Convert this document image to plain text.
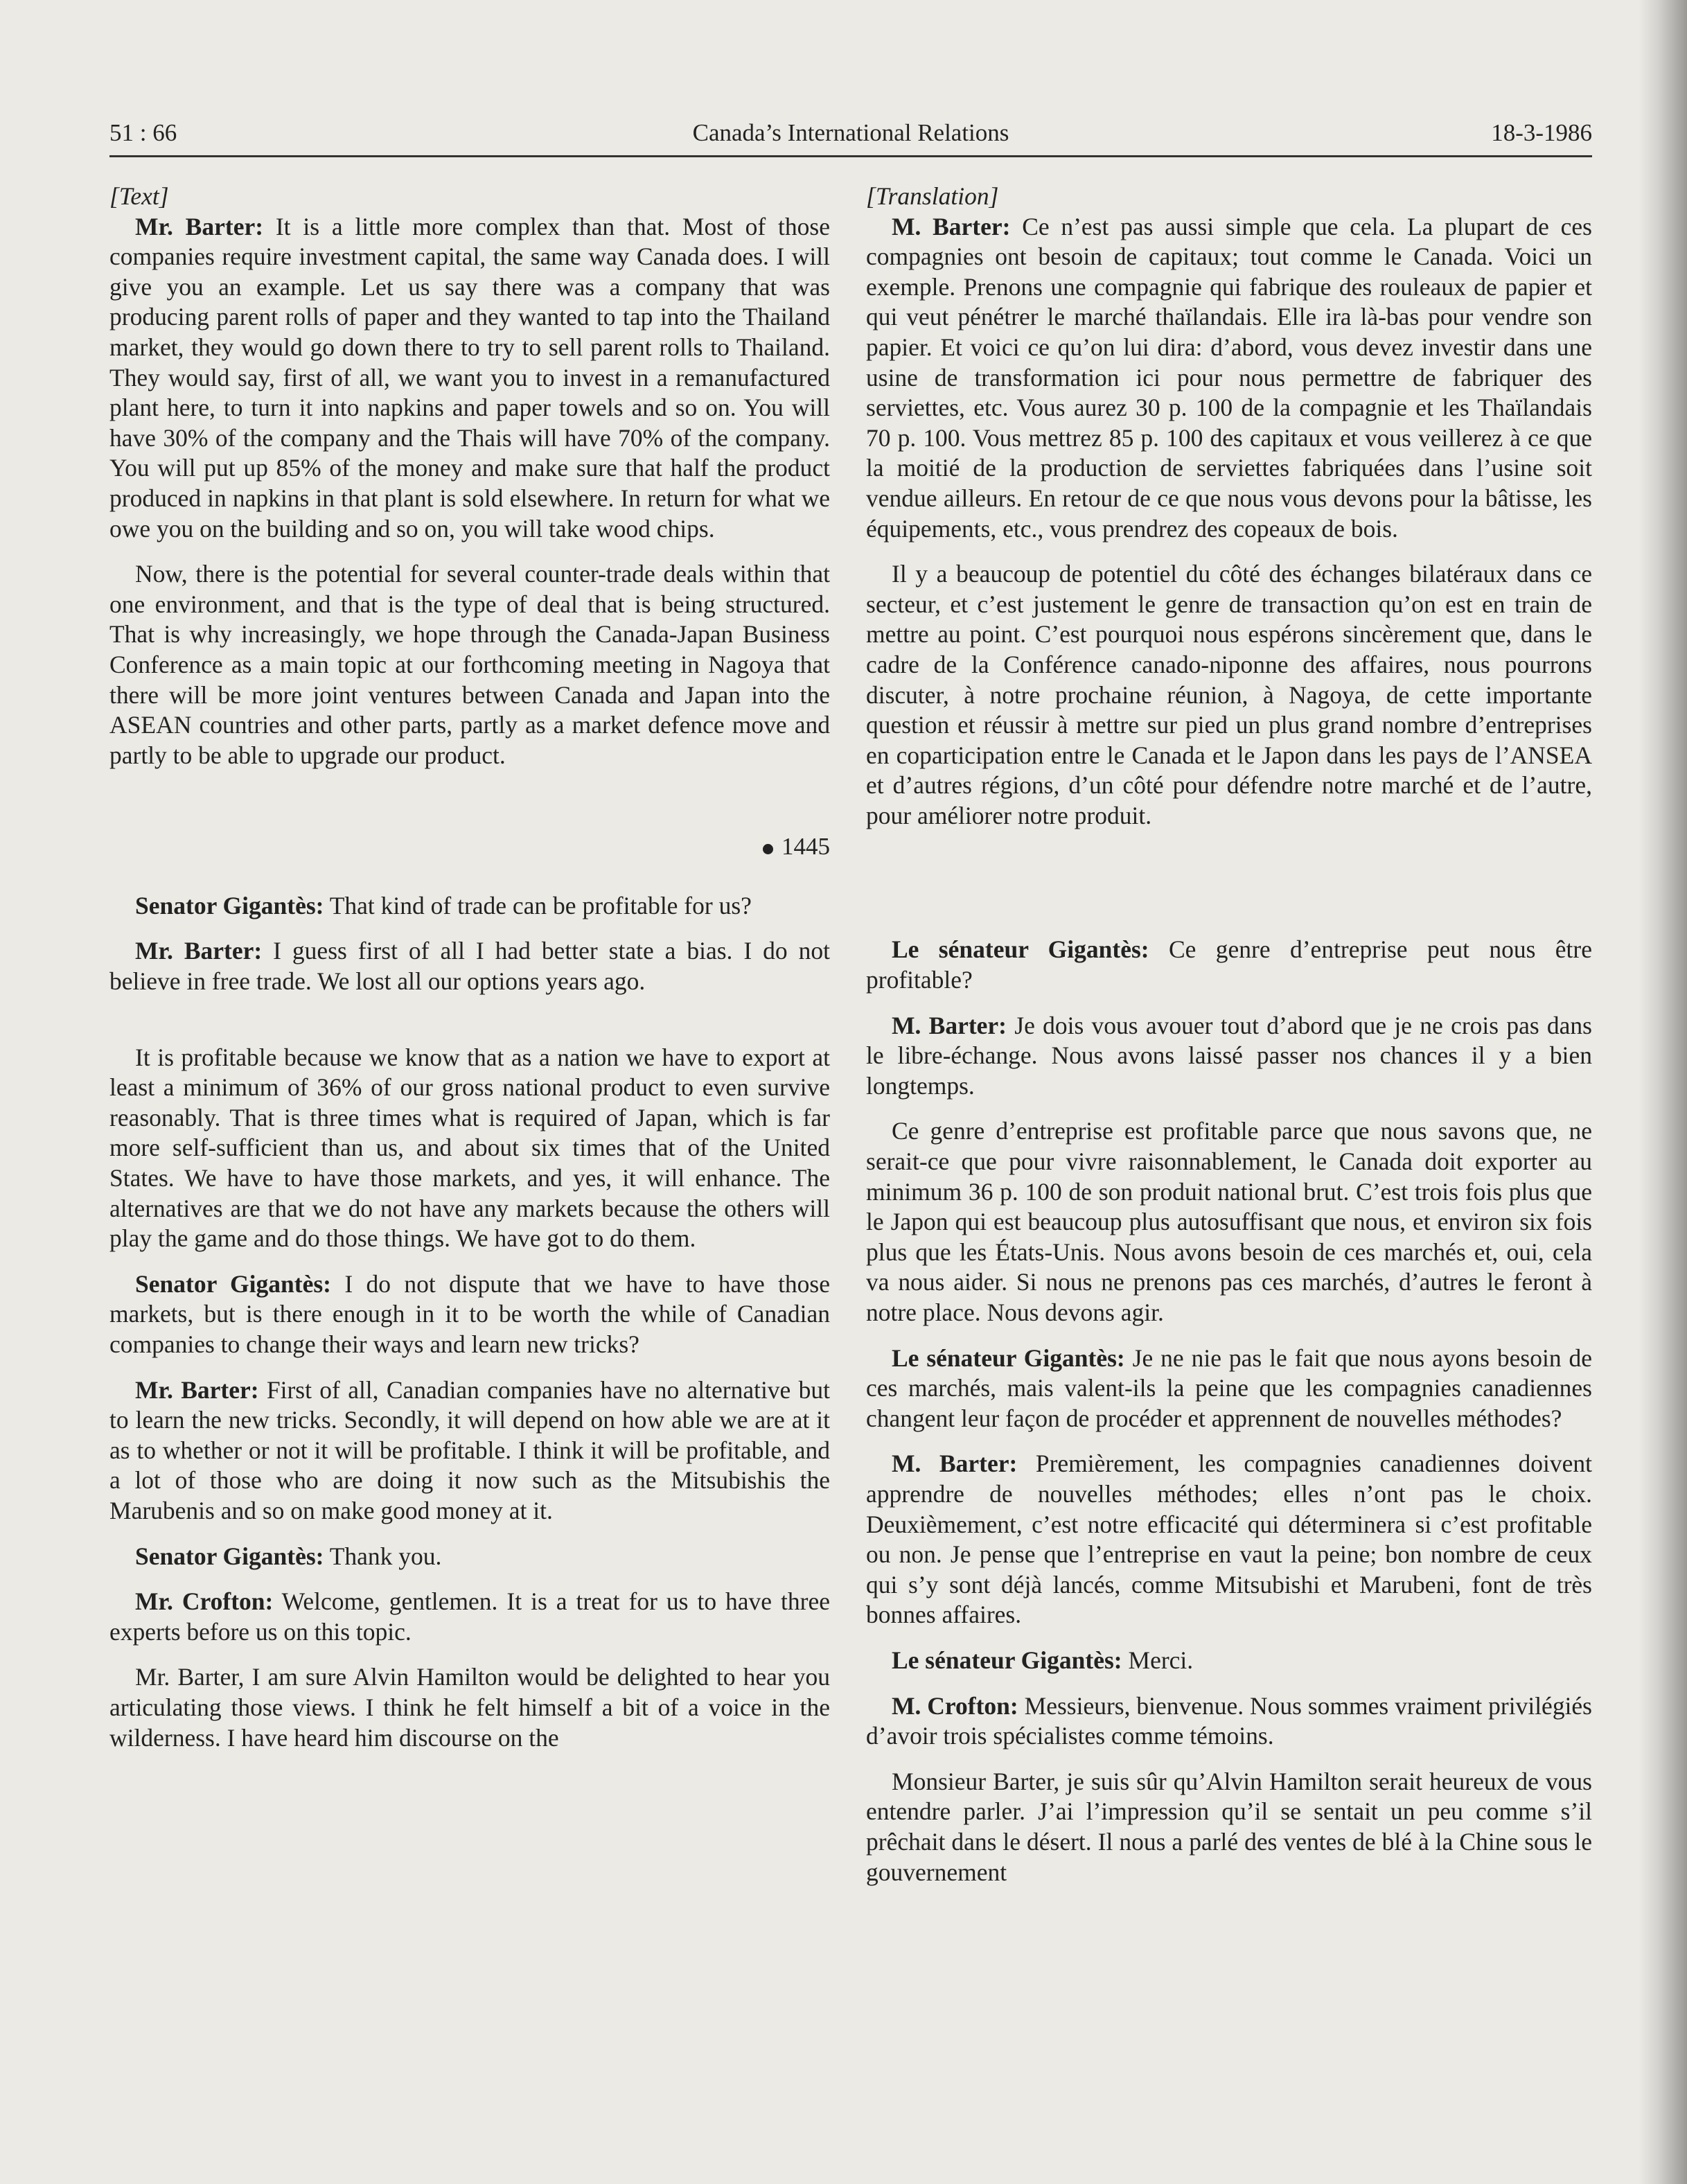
Canada’s International Relations
51 : 66	18-3-1986

[Text]

Mr. Barter: It is a little more complex than that. Most of those companies require investment capital, the same way Canada does. I will give you an example. Let us say there was a company that was producing parent rolls of paper and they wanted to tap into the Thailand market, they would go down there to try to sell parent rolls to Thailand. They would say, first of all, we want you to invest in a remanufactured plant here, to turn it into napkins and paper towels and so on. You will have 30% of the company and the Thais will have 70% of the company. You will put up 85% of the money and make sure that half the product produced in napkins in that plant is sold elsewhere. In return for what we owe you on the building and so on, you will take wood chips.

Now, there is the potential for several counter-trade deals within that one environment, and that is the type of deal that is being structured. That is why increasingly, we hope through the Canada-Japan Business Conference as a main topic at our forthcoming meeting in Nagoya that there will be more joint ventures between Canada and Japan into the ASEAN countries and other parts, partly as a market defence move and partly to be able to upgrade our product.

1445

Senator Gigantès: That kind of trade can be profitable for us?

Mr. Barter: I guess first of all I had better state a bias. I do not believe in free trade. We lost all our options years ago.

It is profitable because we know that as a nation we have to export at least a minimum of 36% of our gross national product to even survive reasonably. That is three times what is required of Japan, which is far more self-sufficient than us, and about six times that of the United States. We have to have those markets, and yes, it will enhance. The alternatives are that we do not have any markets because the others will play the game and do those things. We have got to do them.

Senator Gigantès: I do not dispute that we have to have those markets, but is there enough in it to be worth the while of Canadian companies to change their ways and learn new tricks?

Mr. Barter: First of all, Canadian companies have no alternative but to learn the new tricks. Secondly, it will depend on how able we are at it as to whether or not it will be profitable. I think it will be profitable, and a lot of those who are doing it now such as the Mitsubishis the Marubenis and so on make good money at it.

Senator Gigantès: Thank you.

Mr. Crofton: Welcome, gentlemen. It is a treat for us to have three experts before us on this topic.

Mr. Barter, I am sure Alvin Hamilton would be delighted to hear you articulating those views. I think he felt himself a bit of a voice in the wilderness. I have heard him discourse on the

[Translation]

M. Barter: Ce n’est pas aussi simple que cela. La plupart de ces compagnies ont besoin de capitaux; tout comme le Canada. Voici un exemple. Prenons une compagnie qui fabrique des rouleaux de papier et qui veut pénétrer le marché thaïlandais. Elle ira là-bas pour vendre son papier. Et voici ce qu’on lui dira: d’abord, vous devez investir dans une usine de transformation ici pour nous permettre de fabriquer des serviettes, etc. Vous aurez 30 p. 100 de la compagnie et les Thaïlandais 70 p. 100. Vous mettrez 85 p. 100 des capitaux et vous veillerez à ce que la moitié de la production de serviettes fabriquées dans l’usine soit vendue ailleurs. En retour de ce que nous vous devons pour la bâtisse, les équipements, etc., vous prendrez des copeaux de bois.

Il y a beaucoup de potentiel du côté des échanges bilatéraux dans ce secteur, et c’est justement le genre de transaction qu’on est en train de mettre au point. C’est pourquoi nous espérons sincèrement que, dans le cadre de la Conférence canado-niponne des affaires, nous pourrons discuter, à notre prochaine réunion, à Nagoya, de cette importante question et réussir à mettre sur pied un plus grand nombre d’entreprises en coparticipation entre le Canada et le Japon dans les pays de l’ANSEA et d’autres régions, d’un côté pour défendre notre marché et de l’autre, pour améliorer notre produit.

Le sénateur Gigantès: Ce genre d’entreprise peut nous être profitable?

M. Barter: Je dois vous avouer tout d’abord que je ne crois pas dans le libre-échange. Nous avons laissé passer nos chances il y a bien longtemps.

Ce genre d’entreprise est profitable parce que nous savons que, ne serait-ce que pour vivre raisonnablement, le Canada doit exporter au minimum 36 p. 100 de son produit national brut. C’est trois fois plus que le Japon qui est beaucoup plus autosuffisant que nous, et environ six fois plus que les États-Unis. Nous avons besoin de ces marchés et, oui, cela va nous aider. Si nous ne prenons pas ces marchés, d’autres le feront à notre place. Nous devons agir.

Le sénateur Gigantès: Je ne nie pas le fait que nous ayons besoin de ces marchés, mais valent-ils la peine que les compagnies canadiennes changent leur façon de procéder et apprennent de nouvelles méthodes?

M. Barter: Premièrement, les compagnies canadiennes doivent apprendre de nouvelles méthodes; elles n’ont pas le choix. Deuxièmement, c’est notre efficacité qui déterminera si c’est profitable ou non. Je pense que l’entreprise en vaut la peine; bon nombre de ceux qui s’y sont déjà lancés, comme Mitsubishi et Marubeni, font de très bonnes affaires.

Le sénateur Gigantès: Merci.

M. Crofton: Messieurs, bienvenue. Nous sommes vraiment privilégiés d’avoir trois spécialistes comme témoins.

Monsieur Barter, je suis sûr qu’Alvin Hamilton serait heureux de vous entendre parler. J’ai l’impression qu’il se sentait un peu comme s’il prêchait dans le désert. Il nous a parlé des ventes de blé à la Chine sous le gouvernement
